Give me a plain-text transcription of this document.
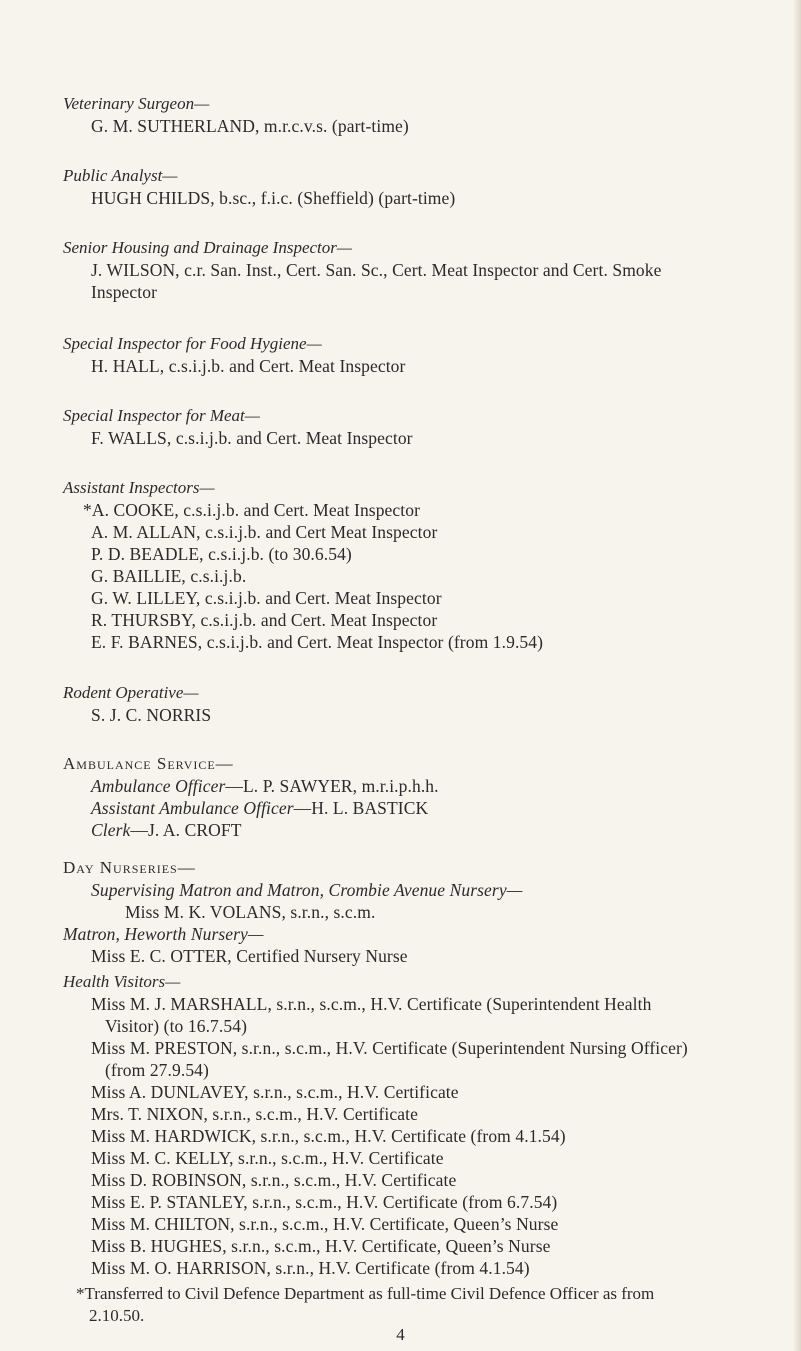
Veterinary Surgeon—
G. M. SUTHERLAND, m.r.c.v.s. (part-time)
Public Analyst—
HUGH CHILDS, b.sc., f.i.c. (Sheffield) (part-time)
Senior Housing and Drainage Inspector—
J. WILSON, c.r. San. Inst., Cert. San. Sc., Cert. Meat Inspector and Cert. Smoke
Inspector
Special Inspector for Food Hygiene—
H. HALL, c.s.i.j.b. and Cert. Meat Inspector
Special Inspector for Meat—
F. WALLS, c.s.i.j.b. and Cert. Meat Inspector
Assistant Inspectors—
*A. COOKE, c.s.i.j.b. and Cert. Meat Inspector
A. M. ALLAN, c.s.i.j.b. and Cert Meat Inspector
P. D. BEADLE, c.s.i.j.b. (to 30.6.54)
G. BAILLIE, c.s.i.j.b.
G. W. LILLEY, c.s.i.j.b. and Cert. Meat Inspector
R. THURSBY, c.s.i.j.b. and Cert. Meat Inspector
E. F. BARNES, c.s.i.j.b. and Cert. Meat Inspector (from 1.9.54)
Rodent Operative—
S. J. C. NORRIS
Ambulance Service—
Ambulance Officer—L. P. SAWYER, m.r.i.p.h.h.
Assistant Ambulance Officer—H. L. BASTICK
Clerk—J. A. CROFT
Day Nurseries—
Supervising Matron and Matron, Crombie Avenue Nursery—
Miss M. K. VOLANS, s.r.n., s.c.m.
Matron, Heworth Nursery—
Miss E. C. OTTER, Certified Nursery Nurse
Health Visitors—
Miss M. J. MARSHALL, s.r.n., s.c.m., H.V. Certificate (Superintendent Health
Visitor) (to 16.7.54)
Miss M. PRESTON, s.r.n., s.c.m., H.V. Certificate (Superintendent Nursing Officer)
(from 27.9.54)
Miss A. DUNLAVEY, s.r.n., s.c.m., H.V. Certificate
Mrs. T. NIXON, s.r.n., s.c.m., H.V. Certificate
Miss M. HARDWICK, s.r.n., s.c.m., H.V. Certificate (from 4.1.54)
Miss M. C. KELLY, s.r.n., s.c.m., H.V. Certificate
Miss D. ROBINSON, s.r.n., s.c.m., H.V. Certificate
Miss E. P. STANLEY, s.r.n., s.c.m., H.V. Certificate (from 6.7.54)
Miss M. CHILTON, s.r.n., s.c.m., H.V. Certificate, Queen’s Nurse
Miss B. HUGHES, s.r.n., s.c.m., H.V. Certificate, Queen’s Nurse
Miss M. O. HARRISON, s.r.n., H.V. Certificate (from 4.1.54)
*Transferred to Civil Defence Department as full-time Civil Defence Officer as from
2.10.50.
4
